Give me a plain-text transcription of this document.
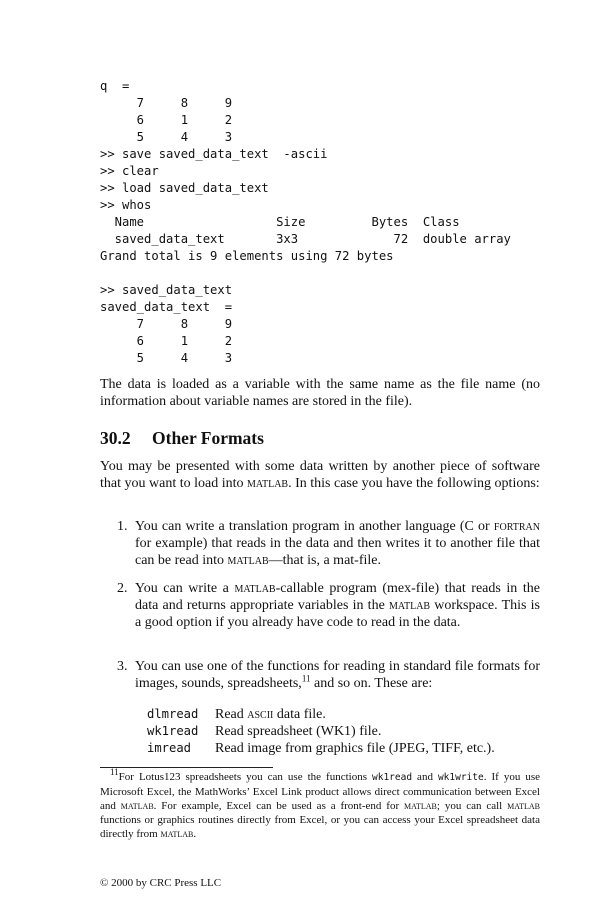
q  =
7     8     9
6     1     2
5     4     3
>> save saved_data_text  -ascii
>> clear
>> load saved_data_text
>> whos
Name                  Size         Bytes  Class
saved_data_text       3x3             72  double array
Grand total is 9 elements using 72 bytes

>> saved_data_text
saved_data_text  =
7     8     9
6     1     2
5     4     3

The data is loaded as a variable with the same name as the file name (no information about variable names are stored in the file).

30.2 Other Formats

You may be presented with some data written by another piece of software that you want to load into matlab. In this case you have the following options:

1. You can write a translation program in another language (C or fortran for example) that reads in the data and then writes it to another file that can be read into matlab—that is, a mat-file.
2. You can write a matlab-callable program (mex-file) that reads in the data and returns appropriate variables in the matlab workspace. This is a good option if you already have code to read in the data.
3. You can use one of the functions for reading in standard file formats for images, sounds, spreadsheets,$^{11}$ and so on. These are:
dlmread Read ascii data file.
wk1read Read spreadsheet (WK1) file.
imread Read image from graphics file (JPEG, TIFF, etc.).
$^{11}$For Lotus123 spreadsheets you can use the functions wk1read and wk1write. If you use Microsoft Excel, the MathWorks’ Excel Link product allows direct communication between Excel and matlab. For example, Excel can be used as a front-end for matlab; you can call matlab functions or graphics routines directly from Excel, or you can access your Excel spreadsheet data directly from matlab.
© 2000 by CRC Press LLC
